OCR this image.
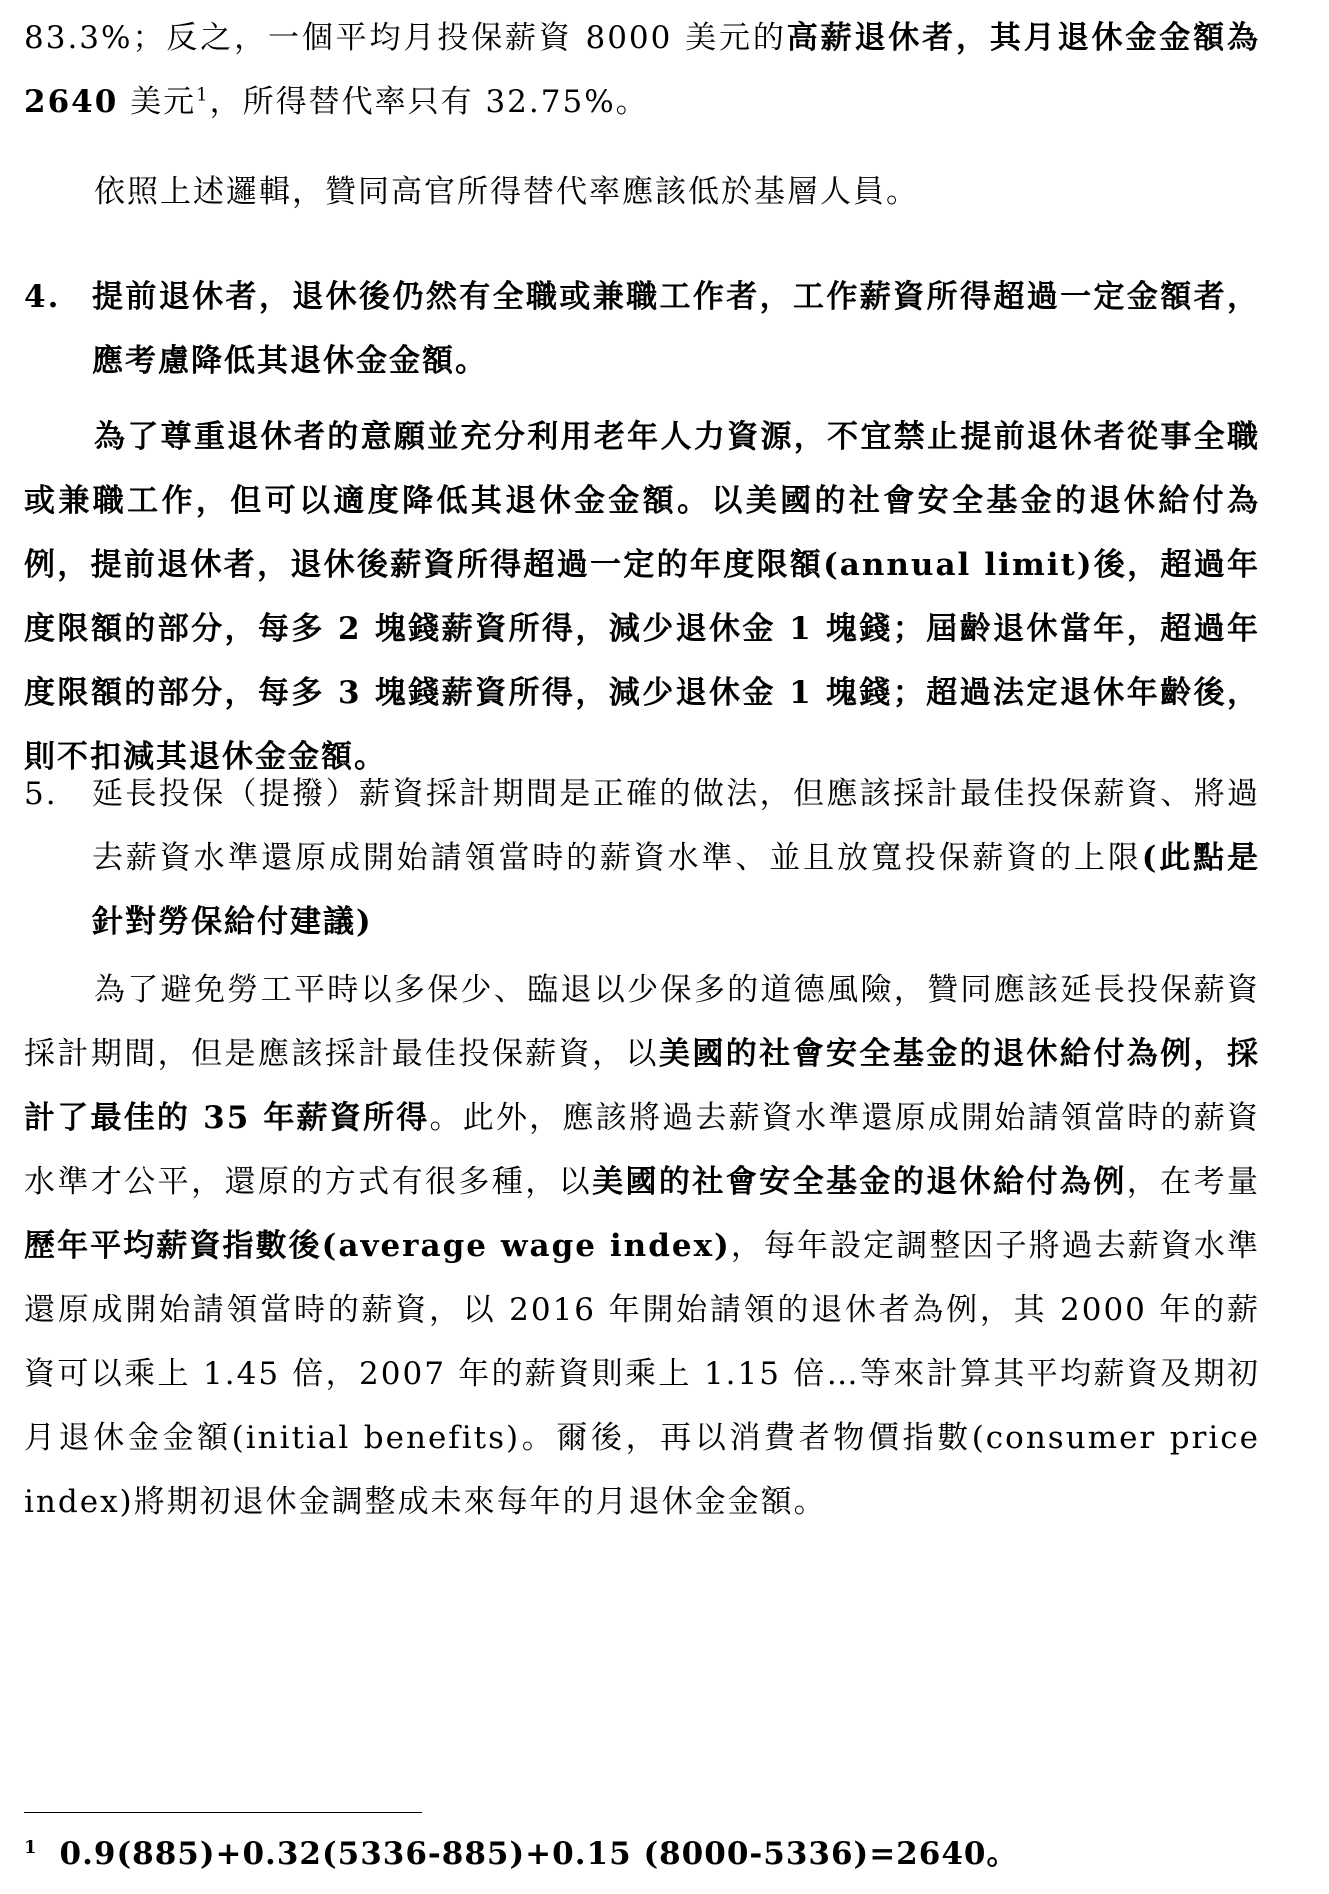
83.3%；反之，一個平均月投保薪資 8000 美元的高薪退休者，其月退休金金額為 2640 美元$^1$，所得替代率只有 32.75%。

依照上述邏輯，贊同高官所得替代率應該低於基層人員。

4. 提前退休者，退休後仍然有全職或兼職工作者，工作薪資所得超過一定金額者，應考慮降低其退休金金額。

為了尊重退休者的意願並充分利用老年人力資源，不宜禁止提前退休者從事全職或兼職工作，但可以適度降低其退休金金額。以美國的社會安全基金的退休給付為例，提前退休者，退休後薪資所得超過一定的年度限額(annual limit)後，超過年度限額的部分，每多 2 塊錢薪資所得，減少退休金 1 塊錢；屆齡退休當年，超過年度限額的部分，每多 3 塊錢薪資所得，減少退休金 1 塊錢；超過法定退休年齡後，則不扣減其退休金金額。

5. 延長投保（提撥）薪資採計期間是正確的做法，但應該採計最佳投保薪資、將過去薪資水準還原成開始請領當時的薪資水準、並且放寬投保薪資的上限(此點是針對勞保給付建議)

為了避免勞工平時以多保少、臨退以少保多的道德風險，贊同應該延長投保薪資採計期間，但是應該採計最佳投保薪資，以美國的社會安全基金的退休給付為例，採計了最佳的 35 年薪資所得。此外，應該將過去薪資水準還原成開始請領當時的薪資水準才公平，還原的方式有很多種，以美國的社會安全基金的退休給付為例，在考量歷年平均薪資指數後(average wage index)，每年設定調整因子將過去薪資水準還原成開始請領當時的薪資，以 2016 年開始請領的退休者為例，其 2000 年的薪資可以乘上 1.45 倍，2007 年的薪資則乘上 1.15 倍…等來計算其平均薪資及期初月退休金金額(initial benefits)。爾後，再以消費者物價指數(consumer price index)將期初退休金調整成未來每年的月退休金金額。

$^1$ 0.9(885)+0.32(5336-885)+0.15 (8000-5336)=2640。
